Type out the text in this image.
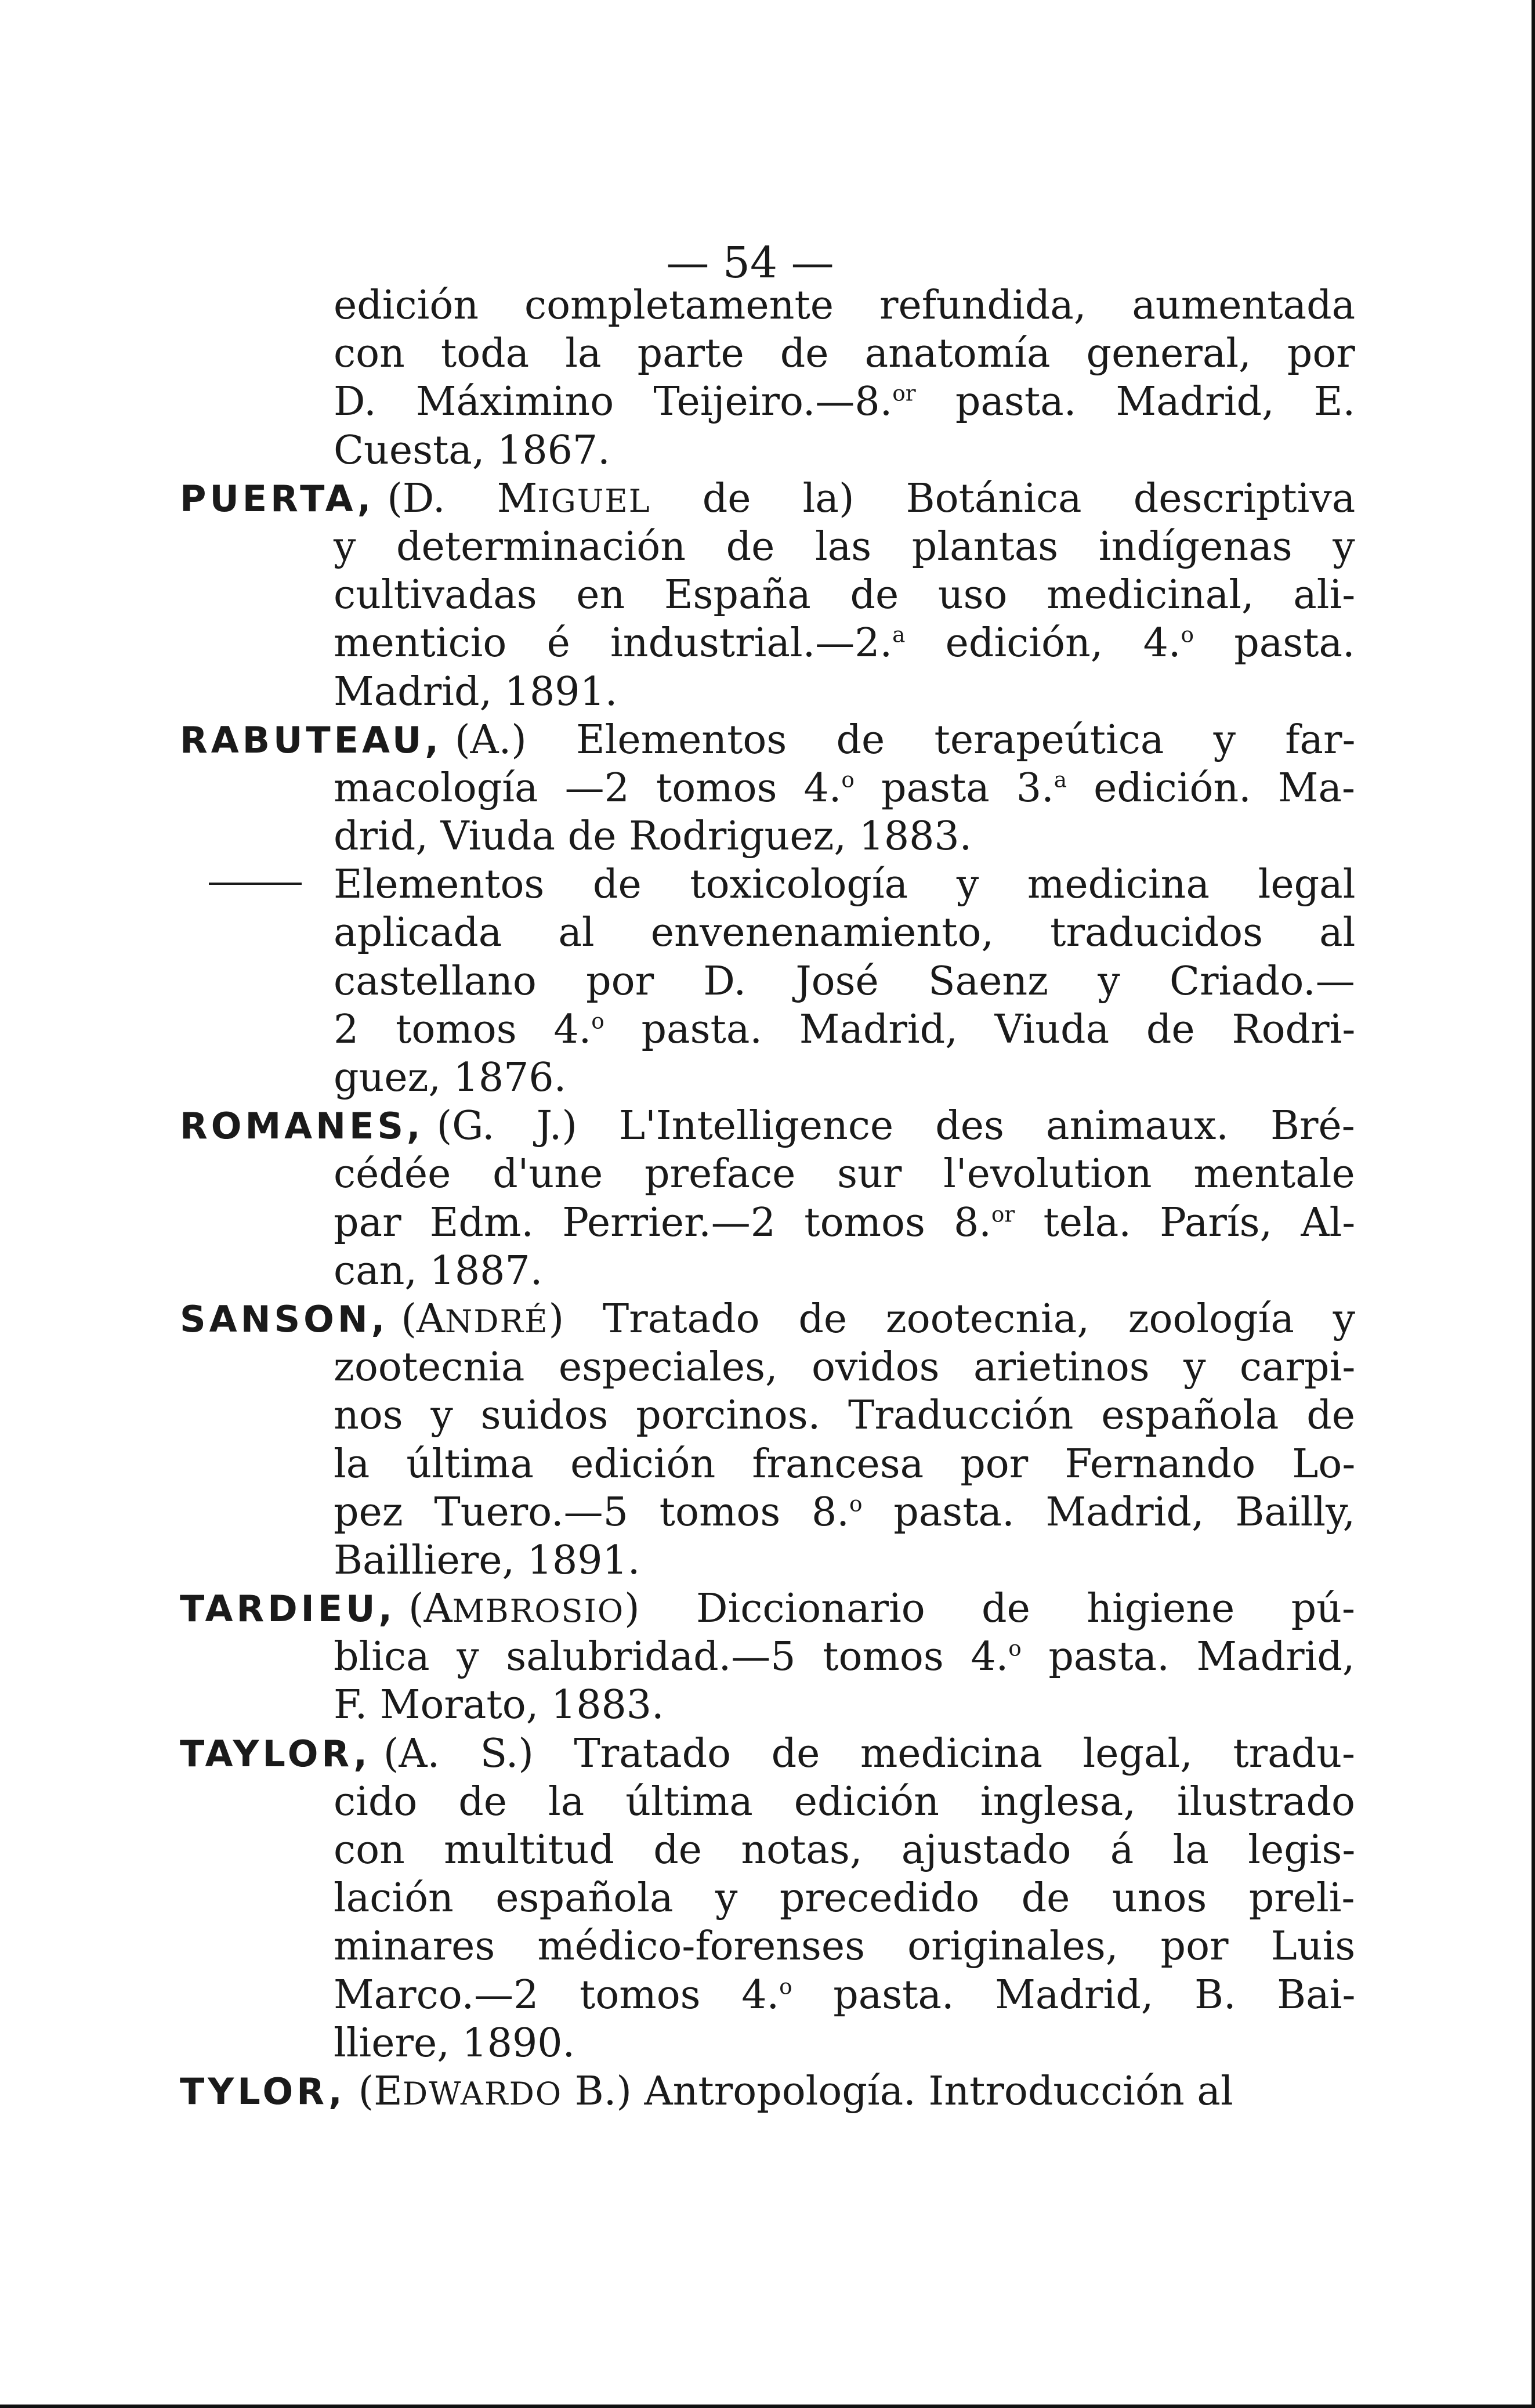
— 54 —
edición completamente refundida, aumentada
con toda la parte de anatomía general, por
D. Máximino Teijeiro.—8.$^{or}$ pasta. Madrid, E.
Cuesta, 1867.
PUERTA, (D. MIGUEL de la) Botánica descriptiva
y determinación de las plantas indígenas y
cultivadas en España de uso medicinal, ali-
menticio é industrial.—2.$^a$ edición, 4.$^o$ pasta.
Madrid, 1891.
RABUTEAU, (A.) Elementos de terapeútica y far-
macología —2 tomos 4.$^o$ pasta 3.$^a$ edición. Ma-
drid, Viuda de Rodriguez, 1883.
Elementos de toxicología y medicina legal
aplicada al envenenamiento, traducidos al
castellano por D. José Saenz y Criado.—
2 tomos 4.$^o$ pasta. Madrid, Viuda de Rodri-
guez, 1876.
ROMANES, (G. J.) L'Intelligence des animaux. Bré-
cédée d'une preface sur l'evolution mentale
par Edm. Perrier.—2 tomos 8.$^{or}$ tela. París, Al-
can, 1887.
SANSON, (ANDRÉ) Tratado de zootecnia, zoología y
zootecnia especiales, ovidos arietinos y carpi-
nos y suidos porcinos. Traducción española de
la última edición francesa por Fernando Lo-
pez Tuero.—5 tomos 8.$^o$ pasta. Madrid, Bailly,
Bailliere, 1891.
TARDIEU, (AMBROSIO) Diccionario de higiene pú-
blica y salubridad.—5 tomos 4.$^o$ pasta. Madrid,
F. Morato, 1883.
TAYLOR, (A. S.) Tratado de medicina legal, tradu-
cido de la última edición inglesa, ilustrado
con multitud de notas, ajustado á la legis-
lación española y precedido de unos preli-
minares médico-forenses originales, por Luis
Marco.—2 tomos 4.$^o$ pasta. Madrid, B. Bai-
lliere, 1890.
TYLOR, (EDWARDO B.) Antropología. Introducción al
